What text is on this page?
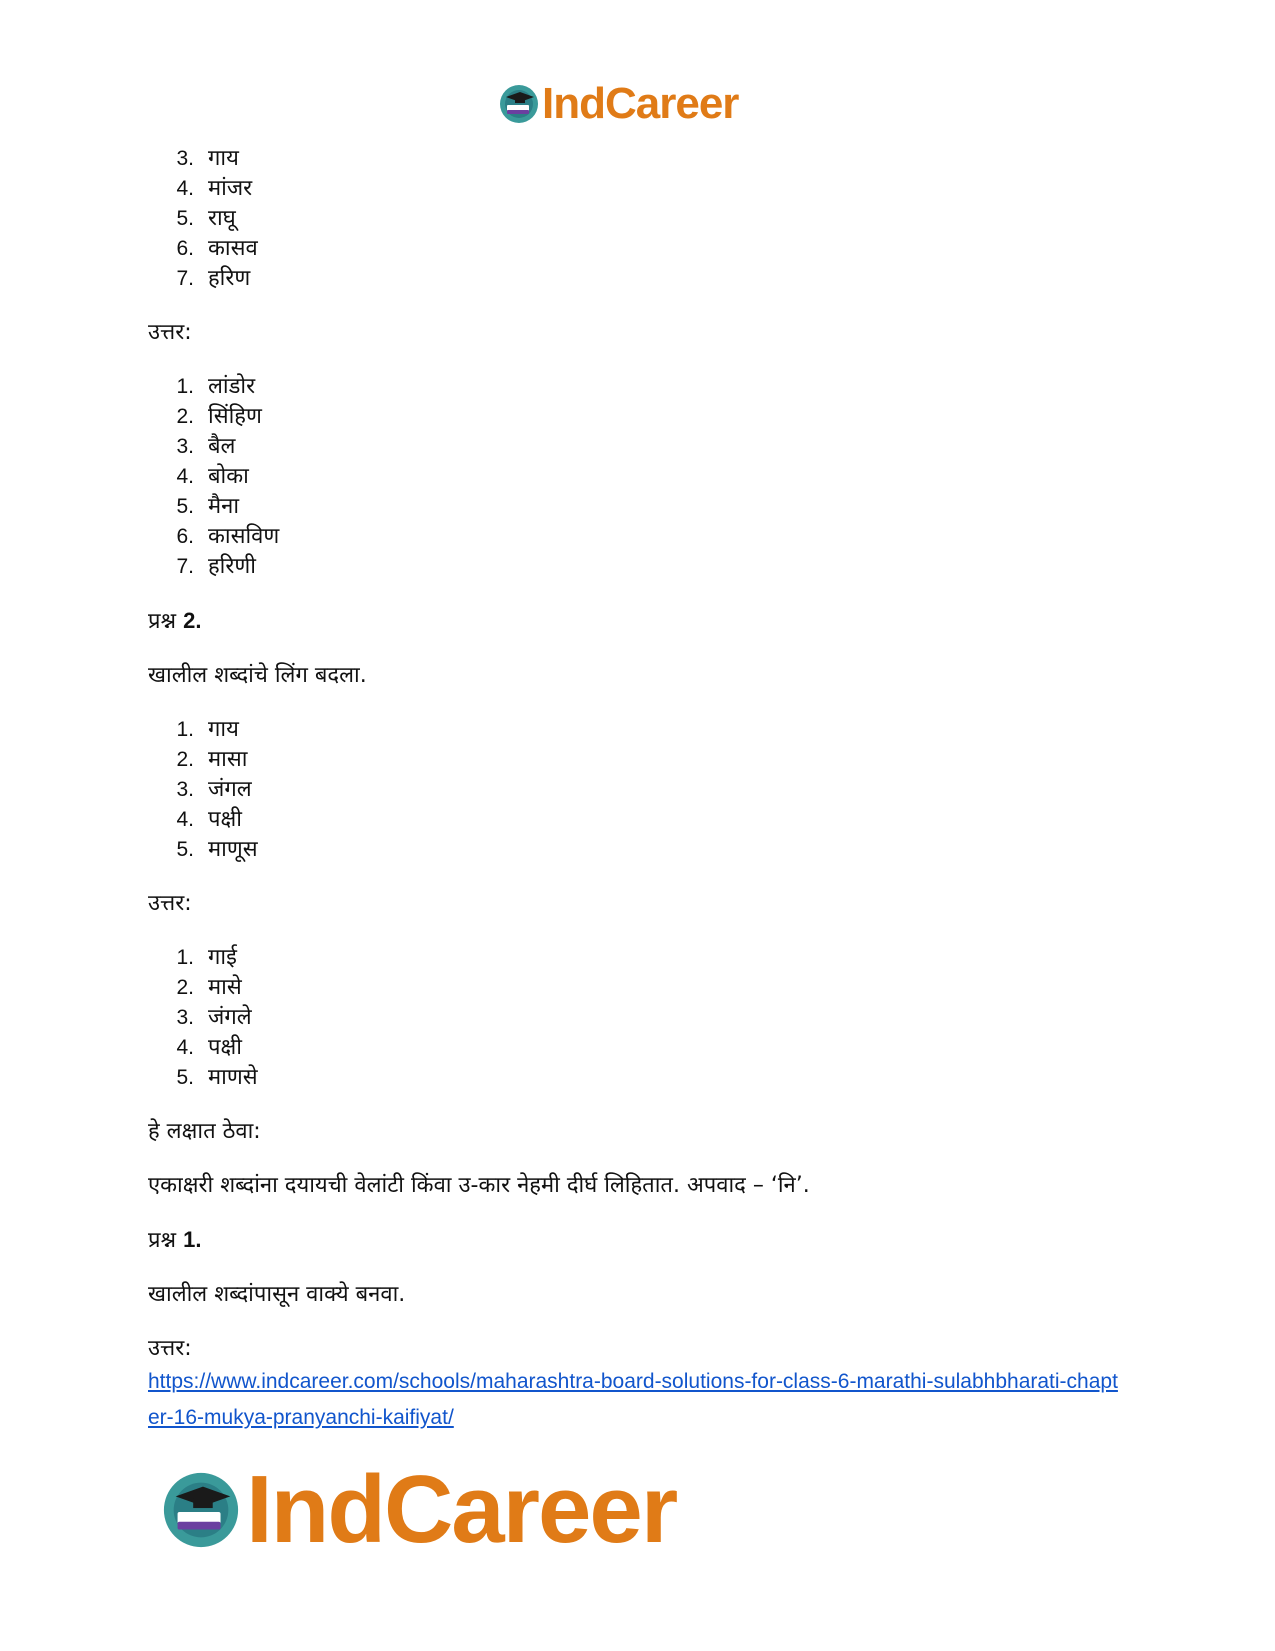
IndCareer
3. गाय
4. मांजर
5. राघू
6. कासव
7. हरिण

उत्तर:

1. लांडोर
2. सिंहिण
3. बैल
4. बोका
5. मैना
6. कासविण
7. हरिणी

प्रश्न 2.

खालील शब्दांचे लिंग बदला.

1. गाय
2. मासा
3. जंगल
4. पक्षी
5. माणूस

उत्तर:

1. गाई
2. मासे
3. जंगले
4. पक्षी
5. माणसे

हे लक्षात ठेवा:

एकाक्षरी शब्दांना दयायची वेलांटी किंवा उ-कार नेहमी दीर्घ लिहितात. अपवाद – ‘नि’.

प्रश्न 1.

खालील शब्दांपासून वाक्ये बनवा.

उत्तर:

https://www.indcareer.com/schools/maharashtra-board-solutions-for-class-6-marathi-sulabhbharati-chapter-16-mukya-pranyanchi-kaifiyat/
IndCareer
